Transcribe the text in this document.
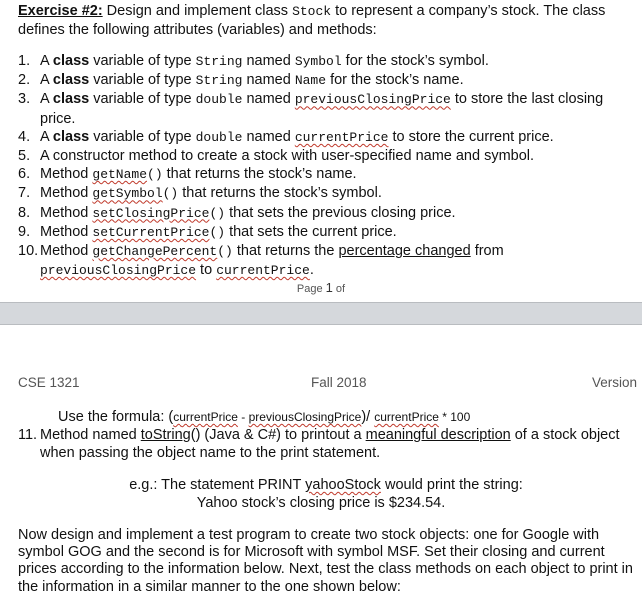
Exercise #2: Design and implement class Stock to represent a company’s stock. The class defines the following attributes (variables) and methods:
1. A class variable of type String named Symbol for the stock’s symbol.
2. A class variable of type String named Name for the stock’s name.
3. A class variable of type double named previousClosingPrice to store the last closing price.
4. A class variable of type double named currentPrice to store the current price.
5. A constructor method to create a stock with user-specified name and symbol.
6. Method getName() that returns the stock’s name.
7. Method getSymbol() that returns the stock’s symbol.
8. Method setClosingPrice() that sets the previous closing price.
9. Method setCurrentPrice() that sets the current price.
10. Method getChangePercent() that returns the percentage changed from previousClosingPrice to currentPrice.
Page 1 of
CSE 1321	Fall 2018	Version
Use the formula: (currentPrice - previousClosingPrice)/ currentPrice * 100
11. Method named toString() (Java & C#) to printout a meaningful description of a stock object when passing the object name to the print statement.
e.g.: The statement PRINT yahooStock would print the string:
Yahoo stock’s closing price is $234.54.
Now design and implement a test program to create two stock objects: one for Google with symbol GOG and the second is for Microsoft with symbol MSF. Set their closing and current prices according to the information below. Next, test the class methods on each object to print in the information in a similar manner to the one shown below:
